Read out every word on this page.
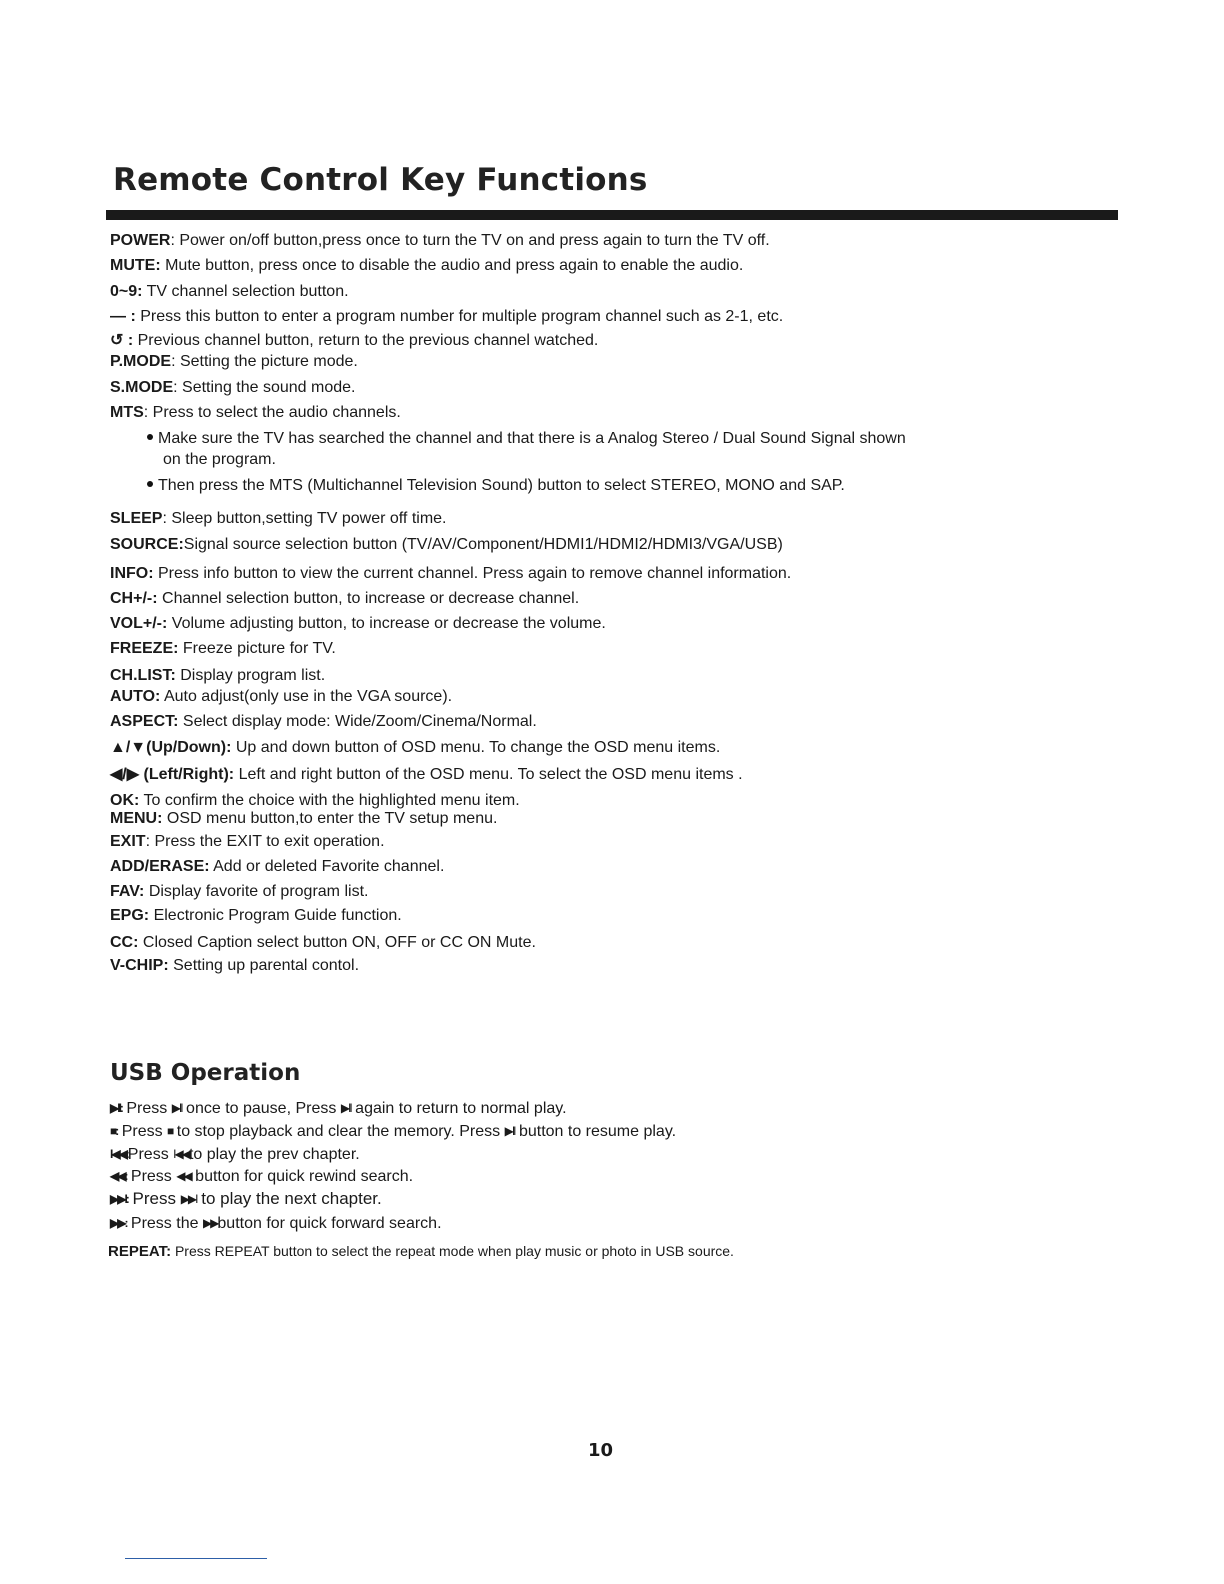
Remote Control Key Functions
POWER: Power on/off button,press once to turn the TV on and press again to turn the TV off.
MUTE: Mute button, press once to disable the audio and press again to enable the audio.
0~9: TV channel selection button.
— : Press this button to enter a program number for multiple program channel such as 2-1, etc.
↺ : Previous channel button, return to the previous channel watched.
P.MODE: Setting the picture mode.
S.MODE: Setting the sound mode.
MTS: Press to select the audio channels.
Make sure the TV has searched the channel and that there is a Analog Stereo / Dual Sound Signal shown
on the program.
Then press the MTS (Multichannel Television Sound) button to select STEREO, MONO and SAP.
SLEEP: Sleep button,setting TV power off time.
SOURCE:Signal source selection button (TV/AV/Component/HDMI1/HDMI2/HDMI3/VGA/USB)
INFO: Press info button to view the current channel. Press again to remove channel information.
CH+/-: Channel selection button, to increase or decrease channel.
VOL+/-: Volume adjusting button, to increase or decrease the volume.
FREEZE: Freeze picture for TV.
CH.LIST: Display program list.
AUTO: Auto adjust(only use in the VGA source).
ASPECT: Select display mode: Wide/Zoom/Cinema/Normal.
▲/▼(Up/Down): Up and down button of OSD menu. To change the OSD menu items.
◀/▶ (Left/Right): Left and right button of the OSD menu. To select the OSD menu items .
OK: To confirm the choice with the highlighted menu item.
MENU: OSD menu button,to enter the TV setup menu.
EXIT: Press the EXIT to exit operation.
ADD/ERASE: Add or deleted Favorite channel.
FAV: Display favorite of program list.
EPG: Electronic Program Guide function.
CC: Closed Caption select button ON, OFF or CC ON Mute.
V-CHIP: Setting up parental contol.
USB Operation
▶II: Press ▶II once to pause, Press ▶II again to return to normal play.
■: Press ■ to stop playback and clear the memory. Press ▶II button to resume play.
I◀◀:Press I◀◀to play the prev chapter.
◀◀: Press ◀◀ button for quick rewind search.
▶▶I: Press ▶▶I to play the next chapter.
▶▶: Press the ▶▶button for quick forward search.
REPEAT: Press REPEAT button to select the repeat mode when play music or photo in USB source.
10
